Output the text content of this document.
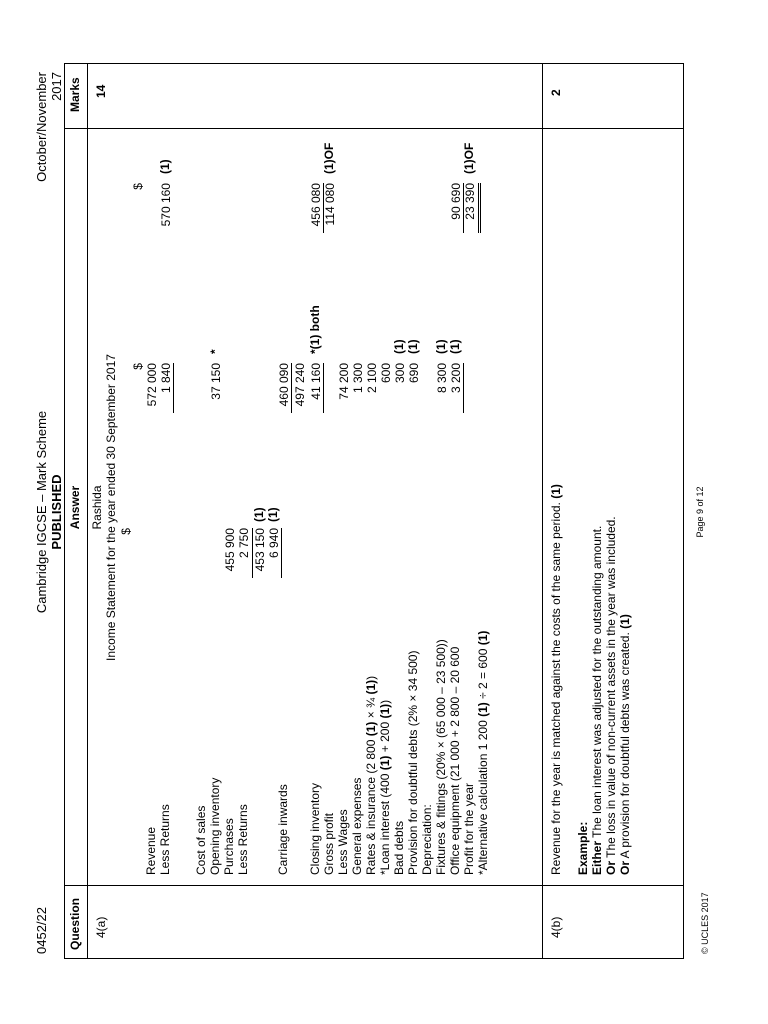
0452/22
Cambridge IGCSE – Mark Scheme PUBLISHED
October/November 2017
Question
Answer
Marks
4(a)
14
Rashida Income Statement for the year ended 30 September 2017
Revenue Less Returns Cost of sales Opening inventory Purchases Less Returns Carriage inwards Closing inventory Gross profit Less Wages General expenses Rates & insurance (2 800 (1) × ¾ (1))
*Loan interest (400 (1) + 200 (1))
Bad debts Provision for doubtful debts (2% × 34 500) Depreciation: Fixtures & fittings (20% × (65 000 – 23 500)) Office equipment (21 000 + 2 800 – 20 600 Profit for the year *Alternative calculation 1 200 (1) ÷ 2 = 600 (1)
$	455 900 2 750 453 150
(1)
6 940
(1)
$ 572 000 1 840	37 150
*
460 090 497 240 41 160
*(1) both
74 200 1 300 2 100 600 300
(1)
690
(1)
8 300
(1)
3 200
(1)
$ 570 160
(1)
456 080 114 080
(1)OF
90 690 23 390
(1)OF
4(b)
2
Revenue for the year is matched against the costs of the same period. (1)
Example: Either The loan interest was adjusted for the outstanding amount.
Or The loss in value of non-current assets in the year was included.
Or A provision for doubtful debts was created. (1)
© UCLES 2017
Page 9 of 12
